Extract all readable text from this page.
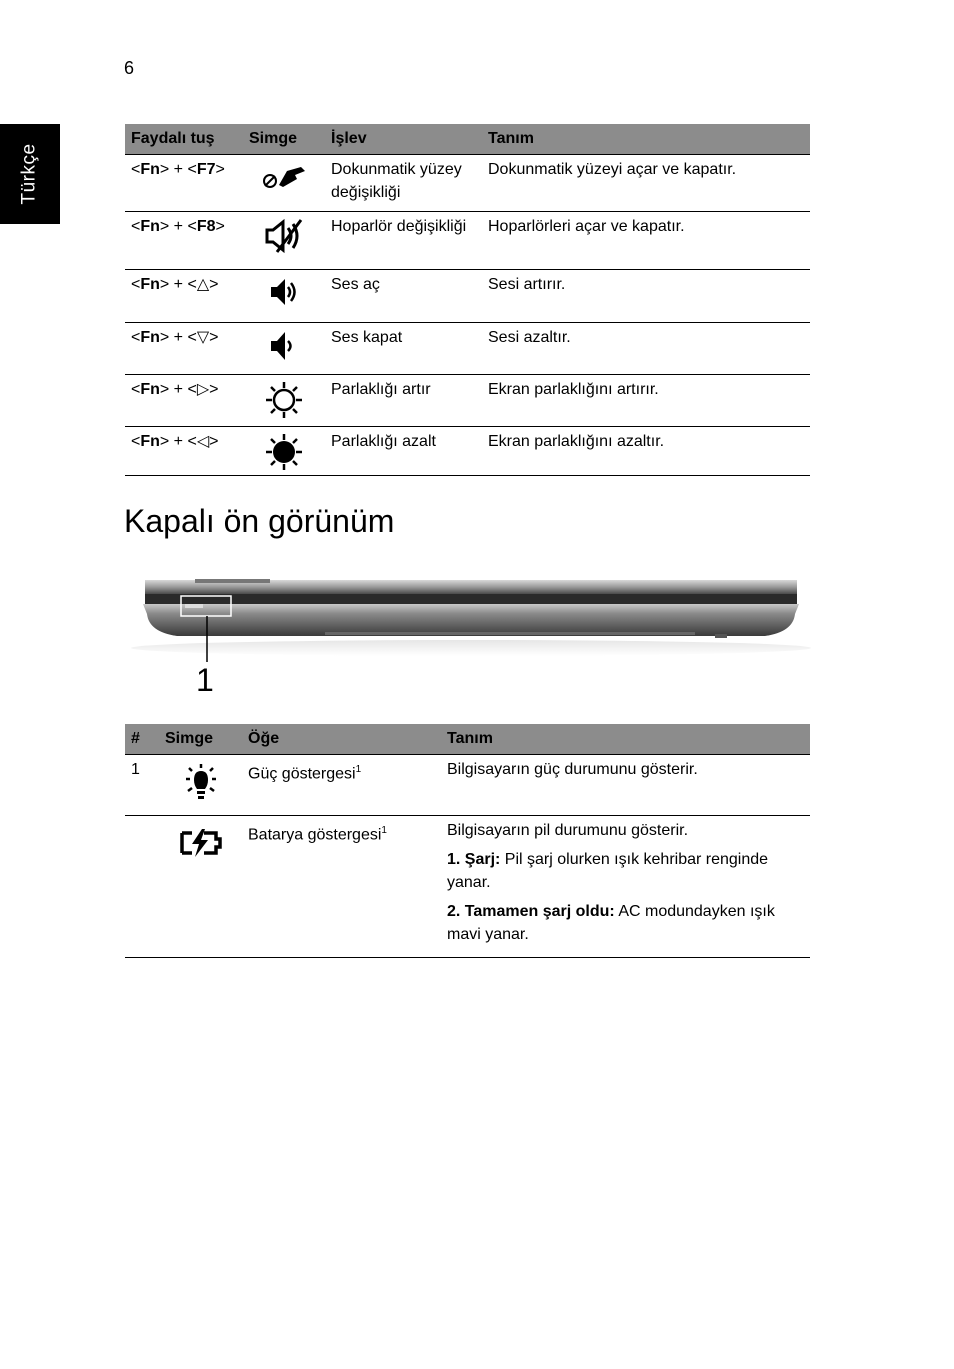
6
Türkçe
Faydalı tuş	Simge	İşlev	Tanım
<Fn> + <F7>		Dokunmatik yüzey değişikliği	Dokunmatik yüzeyi açar ve kapatır.
<Fn> + <F8>		Hoparlör değişikliği	Hoparlörleri açar ve kapatır.
<Fn> + <△>		Ses aç	Sesi artırır.
<Fn> + <▽>		Ses kapat	Sesi azaltır.
<Fn> + <▷>		Parlaklığı artır	Ekran parlaklığını artırır.
<Fn> + <◁>		Parlaklığı azalt	Ekran parlaklığını azaltır.
Kapalı ön görünüm
1
#	Simge	Öğe	Tanım
1		Güç göstergesi$^1$	Bilgisayarın güç durumunu gösterir.
		Batarya göstergesi$^1$	Bilgisayarın pil durumunu gösterir.

1. Şarj: Pil şarj olurken ışık kehribar renginde yanar.

2. Tamamen şarj oldu: AC modundayken ışık mavi yanar.
